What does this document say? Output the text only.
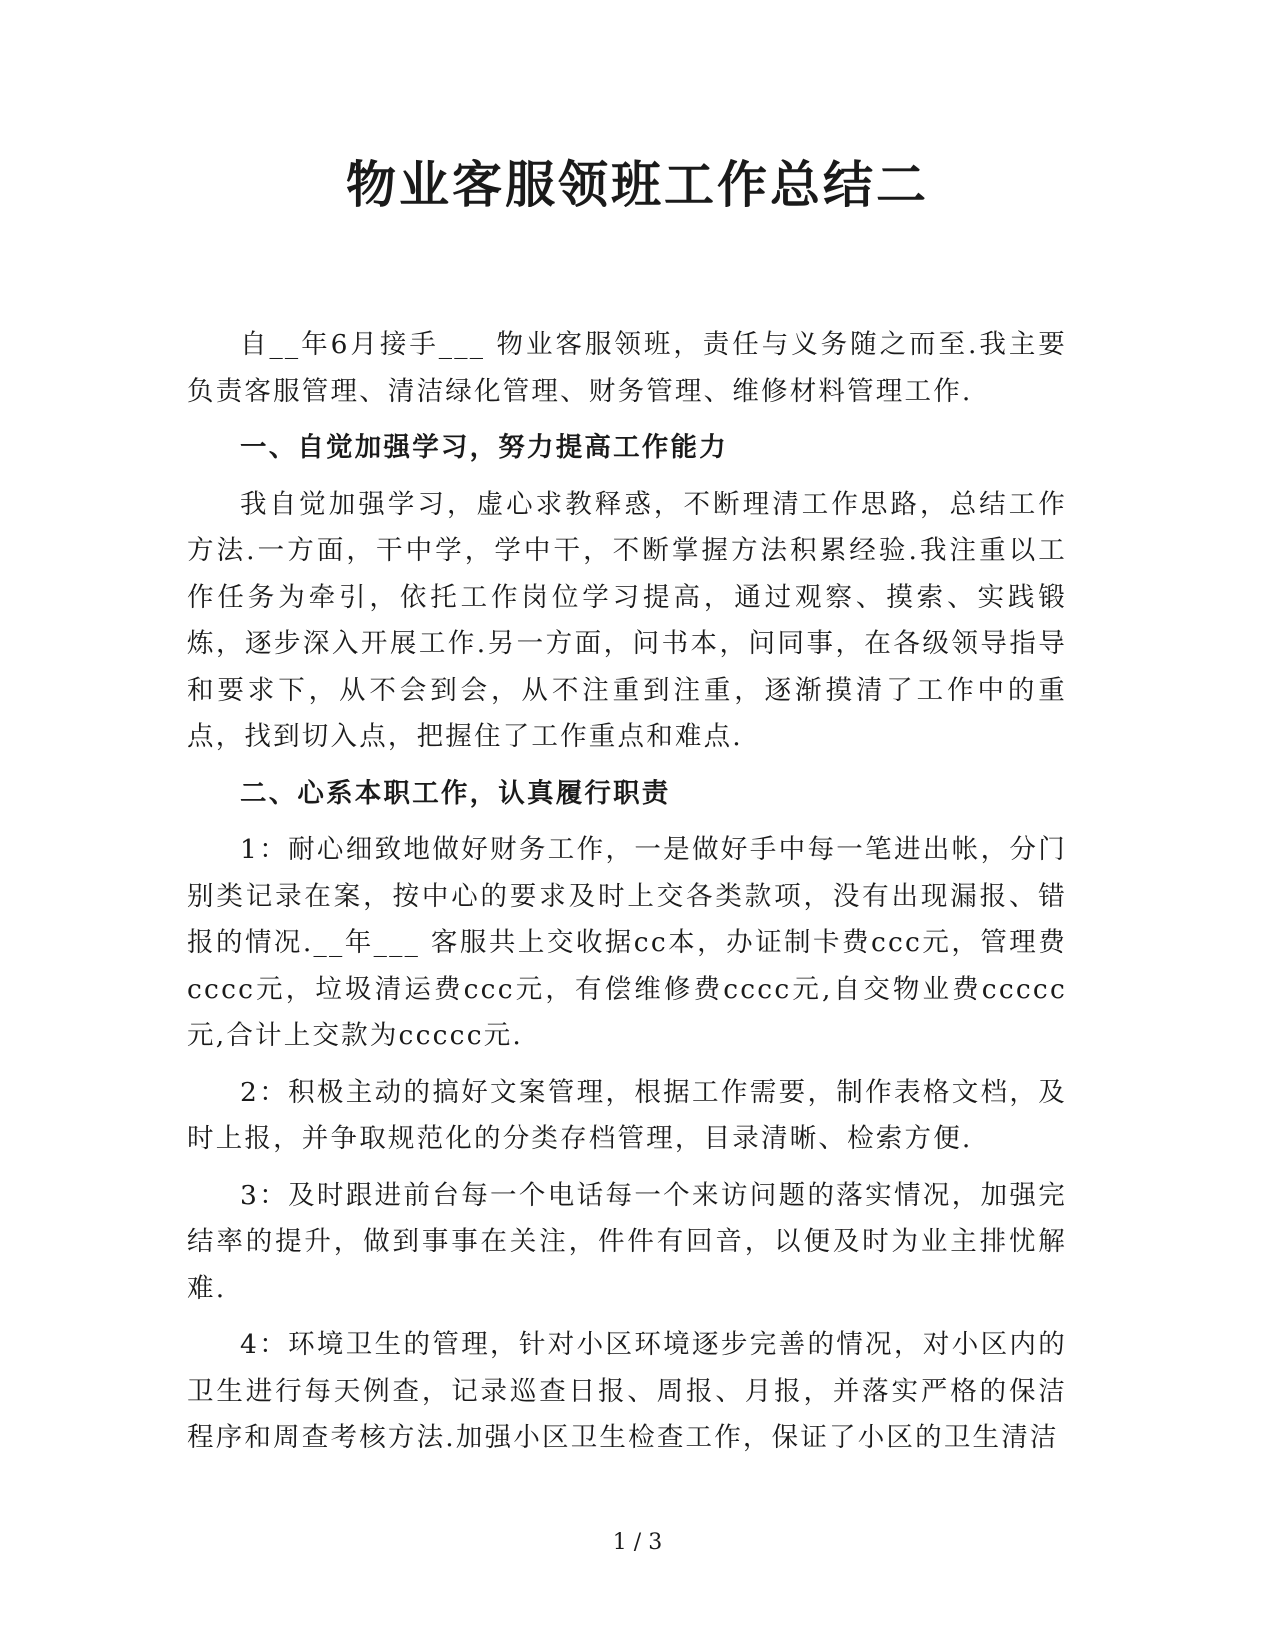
物业客服领班工作总结二

自__年6月接手___ 物业客服领班，责任与义务随之而至.我主要负责客服管理、清洁绿化管理、财务管理、维修材料管理工作.

一、自觉加强学习，努力提高工作能力

我自觉加强学习，虚心求教释惑，不断理清工作思路，总结工作方法.一方面，干中学，学中干，不断掌握方法积累经验.我注重以工作任务为牵引，依托工作岗位学习提高，通过观察、摸索、实践锻炼，逐步深入开展工作.另一方面，问书本，问同事，在各级领导指导和要求下，从不会到会，从不注重到注重，逐渐摸清了工作中的重点，找到切入点，把握住了工作重点和难点.

二、心系本职工作，认真履行职责

1：耐心细致地做好财务工作，一是做好手中每一笔进出帐，分门别类记录在案，按中心的要求及时上交各类款项，没有出现漏报、错报的情况.__年___ 客服共上交收据cc本，办证制卡费ccc元，管理费cccc元，垃圾清运费ccc元，有偿维修费cccc元,自交物业费ccccc元,合计上交款为ccccc元.

2：积极主动的搞好文案管理，根据工作需要，制作表格文档，及时上报，并争取规范化的分类存档管理，目录清晰、检索方便.

3：及时跟进前台每一个电话每一个来访问题的落实情况，加强完结率的提升，做到事事在关注，件件有回音，以便及时为业主排忧解难.

4：环境卫生的管理，针对小区环境逐步完善的情况，对小区内的卫生进行每天例查，记录巡查日报、周报、月报，并落实严格的保洁程序和周查考核方法.加强小区卫生检查工作，保证了小区的卫生清洁

1 / 3
